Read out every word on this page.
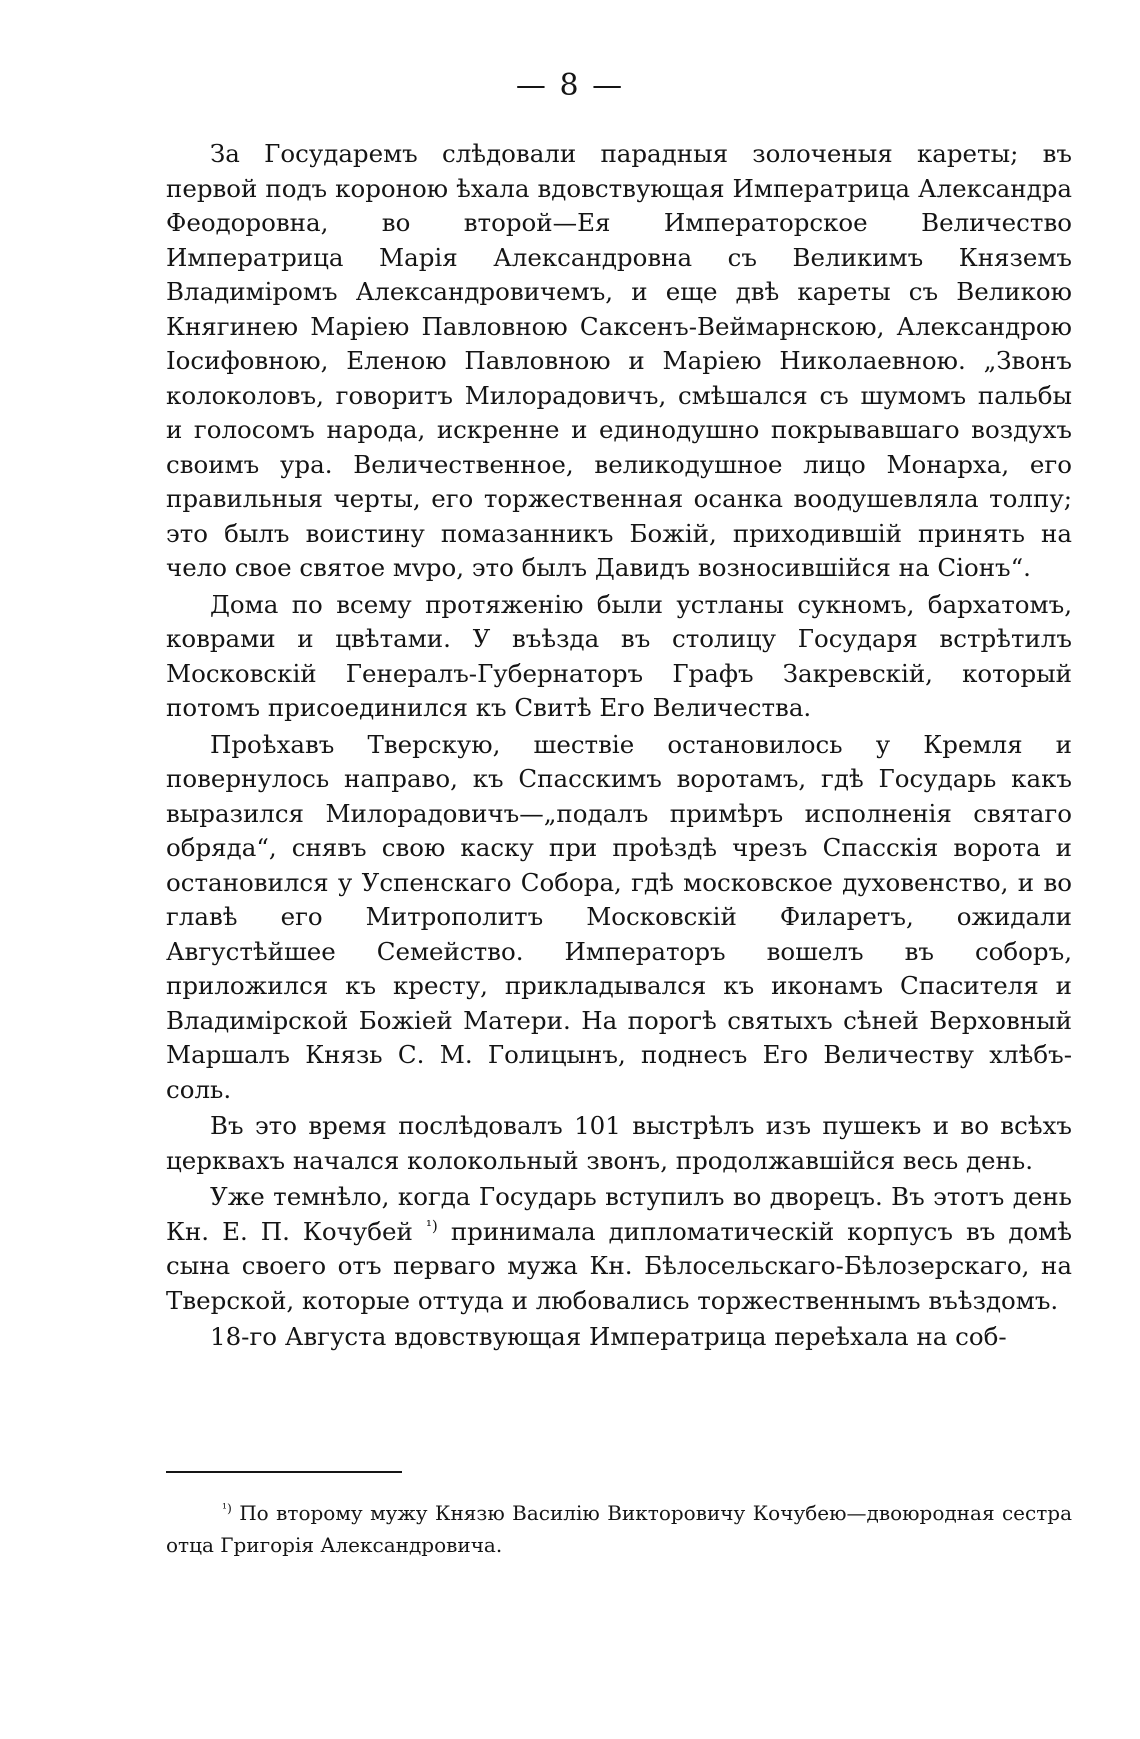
— 8 —

За Государемъ слѣдовали парадныя золоченыя кареты; въ первой подъ короною ѣхала вдовствующая Императрица Александра Феодоровна, во второй—Ея Императорское Величество Императрица Марія Александровна съ Великимъ Княземъ Владиміромъ Александровичемъ, и еще двѣ кареты съ Великою Княгинею Маріею Павловною Саксенъ-Веймарнскою, Александрою Іосифовною, Еленою Павловною и Маріею Николаевною. „Звонъ колоколовъ, говоритъ Милорадовичъ, смѣшался съ шумомъ пальбы и голосомъ народа, искренне и единодушно покрывавшаго воздухъ своимъ ура. Величественное, великодушное лицо Монарха, его правильныя черты, его торжественная осанка воодушевляла толпу; это былъ воистину помазанникъ Божій, приходившій принять на чело свое святое мvро, это былъ Давидъ возносившійся на Сіонъ“.

Дома по всему протяженію были устланы сукномъ, бархатомъ, коврами и цвѣтами. У въѣзда въ столицу Государя встрѣтилъ Московскій Генералъ-Губернаторъ Графъ Закревскій, который потомъ присоединился къ Свитѣ Его Величества.

Проѣхавъ Тверскую, шествіе остановилось у Кремля и повернулось направо, къ Спасскимъ воротамъ, гдѣ Государь какъ выразился Милорадовичъ—„подалъ примѣръ исполненія святаго обряда“, снявъ свою каску при проѣздѣ чрезъ Спасскія ворота и остановился у Успенскаго Собора, гдѣ московское духовенство, и во главѣ его Митрополитъ Московскій Филаретъ, ожидали Августѣйшее Семейство. Императоръ вошелъ въ соборъ, приложился къ кресту, прикладывался къ иконамъ Спасителя и Владимірской Божіей Матери. На порогѣ святыхъ сѣней Верховный Маршалъ Князь С. М. Голицынъ, поднесъ Его Величеству хлѣбъ-соль.

Въ это время послѣдовалъ 101 выстрѣлъ изъ пушекъ и во всѣхъ церквахъ начался колокольный звонъ, продолжавшійся весь день.

Уже темнѣло, когда Государь вступилъ во дворецъ. Въ этотъ день Кн. Е. П. Кочубей $^{^1)}$ принимала дипломатическій корпусъ въ домѣ сына своего отъ перваго мужа Кн. Бѣлосельскаго-Бѣлозерскаго, на Тверской, которые оттуда и любовались торжественнымъ въѣздомъ.

18-го Августа вдовствующая Императрица переѣхала на соб-

$^{^1)}$ По второму мужу Князю Василію Викторовичу Кочубею—двоюродная сестра отца Григорія Александровича.
